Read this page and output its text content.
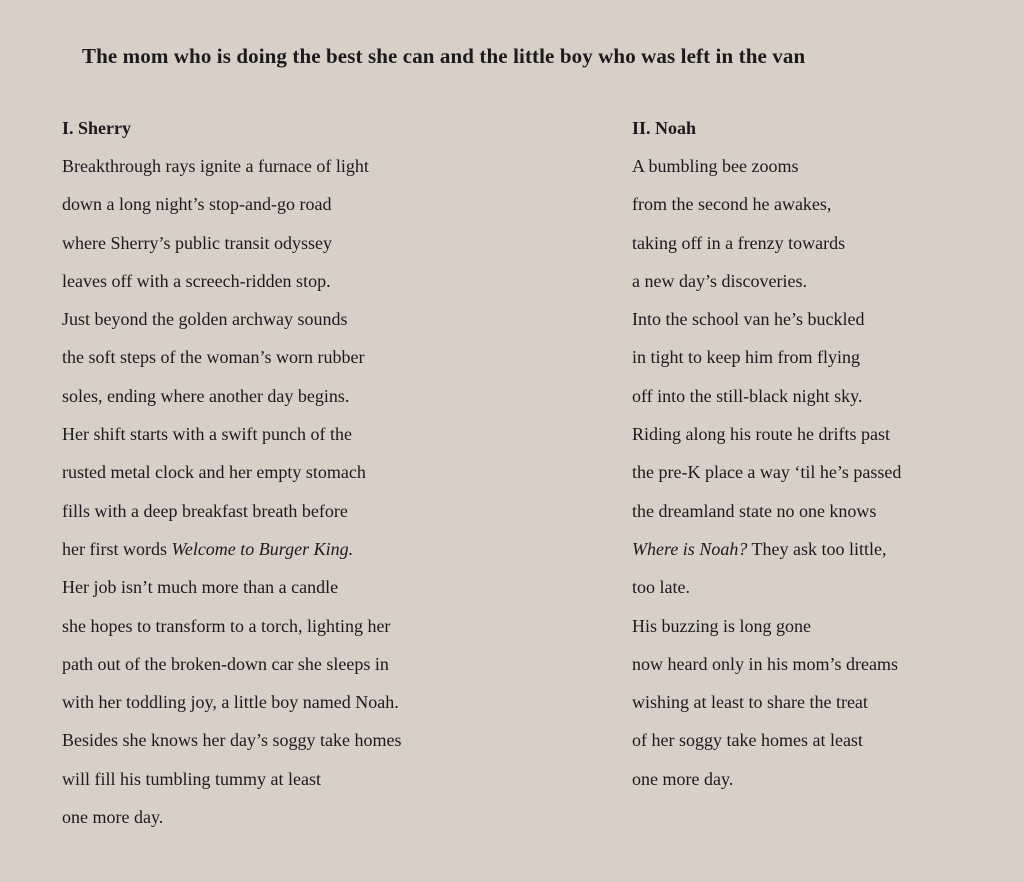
The mom who is doing the best she can and the little boy who was left in the van
I. Sherry
Breakthrough rays ignite a furnace of light
down a long night’s stop-and-go road
where Sherry’s public transit odyssey
leaves off with a screech-ridden stop.
Just beyond the golden archway sounds
the soft steps of the woman’s worn rubber
soles, ending where another day begins.
Her shift starts with a swift punch of the
rusted metal clock and her empty stomach
fills with a deep breakfast breath before
her first words Welcome to Burger King.
Her job isn’t much more than a candle
she hopes to transform to a torch, lighting her
path out of the broken-down car she sleeps in
with her toddling joy, a little boy named Noah.
Besides she knows her day’s soggy take homes
will fill his tumbling tummy at least
one more day.
II. Noah
A bumbling bee zooms
from the second he awakes,
taking off in a frenzy towards
a new day’s discoveries.
Into the school van he’s buckled
in tight to keep him from flying
off into the still-black night sky.
Riding along his route he drifts past
the pre-K place a way ‘til he’s passed
the dreamland state no one knows
Where is Noah? They ask too little,
too late.
His buzzing is long gone
now heard only in his mom’s dreams
wishing at least to share the treat
of her soggy take homes at least
one more day.
